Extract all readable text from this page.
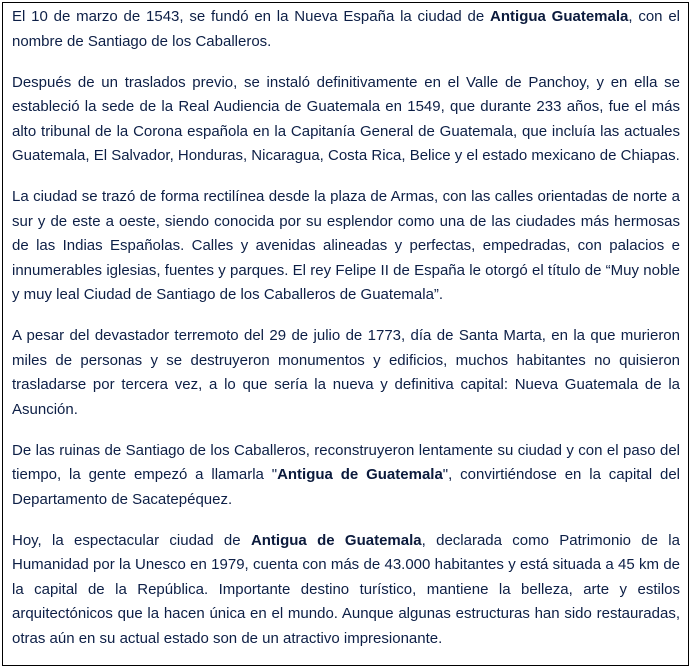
El 10 de marzo de 1543, se fundó en la Nueva España la ciudad de Antigua Guatemala, con el nombre de Santiago de los Caballeros.

Después de un traslados previo, se instaló definitivamente en el Valle de Panchoy, y en ella se estableció la sede de la Real Audiencia de Guatemala en 1549, que durante 233 años, fue el más alto tribunal de la Corona española en la Capitanía General de Guatemala, que incluía las actuales Guatemala, El Salvador, Honduras, Nicaragua, Costa Rica, Belice y el estado mexicano de Chiapas.

La ciudad se trazó de forma rectilínea desde la plaza de Armas, con las calles orientadas de norte a sur y de este a oeste, siendo conocida por su esplendor como una de las ciudades más hermosas de las Indias Españolas. Calles y avenidas alineadas y perfectas, empedradas, con palacios e innumerables iglesias, fuentes y parques. El rey Felipe II de España le otorgó el título de “Muy noble y muy leal Ciudad de Santiago de los Caballeros de Guatemala”.

A pesar del devastador terremoto del 29 de julio de 1773, día de Santa Marta, en la que murieron miles de personas y se destruyeron monumentos y edificios, muchos habitantes no quisieron trasladarse por tercera vez, a lo que sería la nueva y definitiva capital: Nueva Guatemala de la Asunción.

De las ruinas de Santiago de los Caballeros, reconstruyeron lentamente su ciudad y con el paso del tiempo, la gente empezó a llamarla "Antigua de Guatemala", convirtiéndose en la capital del Departamento de Sacatepéquez.

Hoy, la espectacular ciudad de Antigua de Guatemala, declarada como Patrimonio de la Humanidad por la Unesco en 1979, cuenta con más de 43.000 habitantes y está situada a 45 km de la capital de la República. Importante destino turístico, mantiene la belleza, arte y estilos arquitectónicos que la hacen única en el mundo. Aunque algunas estructuras han sido restauradas, otras aún en su actual estado son de un atractivo impresionante.
